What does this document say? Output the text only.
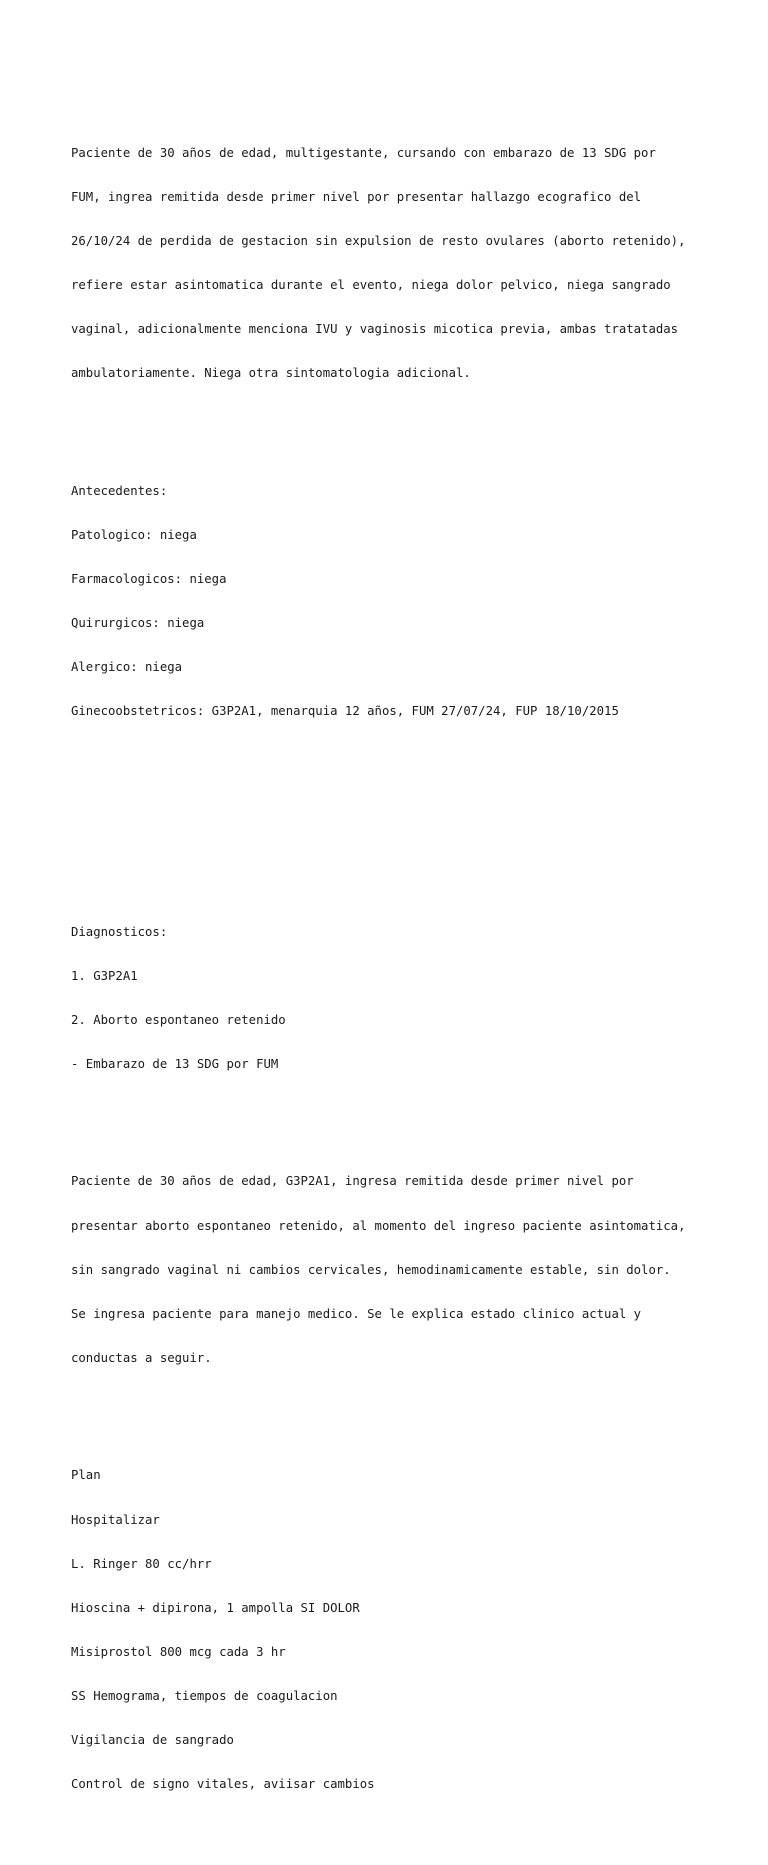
Paciente de 30 años de edad, multigestante, cursando con embarazo de 13 SDG por

FUM, ingrea remitida desde primer nivel por presentar hallazgo ecografico del

26/10/24 de perdida de gestacion sin expulsion de resto ovulares (aborto retenido),

refiere estar asintomatica durante el evento, niega dolor pelvico, niega sangrado

vaginal, adicionalmente menciona IVU y vaginosis micotica previa, ambas tratatadas

ambulatoriamente. Niega otra sintomatologia adicional.

Antecedentes:

Patologico: niega

Farmacologicos: niega

Quirurgicos: niega

Alergico: niega

Ginecoobstetricos: G3P2A1, menarquia 12 años, FUM 27/07/24, FUP 18/10/2015

Diagnosticos:

1. G3P2A1

2. Aborto espontaneo retenido

- Embarazo de 13 SDG por FUM

Paciente de 30 años de edad, G3P2A1, ingresa remitida desde primer nivel por

presentar aborto espontaneo retenido, al momento del ingreso paciente asintomatica,

sin sangrado vaginal ni cambios cervicales, hemodinamicamente estable, sin dolor.

Se ingresa paciente para manejo medico. Se le explica estado clinico actual y

conductas a seguir.

Plan

Hospitalizar

L. Ringer 80 cc/hrr

Hioscina + dipirona, 1 ampolla SI DOLOR

Misiprostol 800 mcg cada 3 hr

SS Hemograma, tiempos de coagulacion

Vigilancia de sangrado

Control de signo vitales, aviisar cambios
